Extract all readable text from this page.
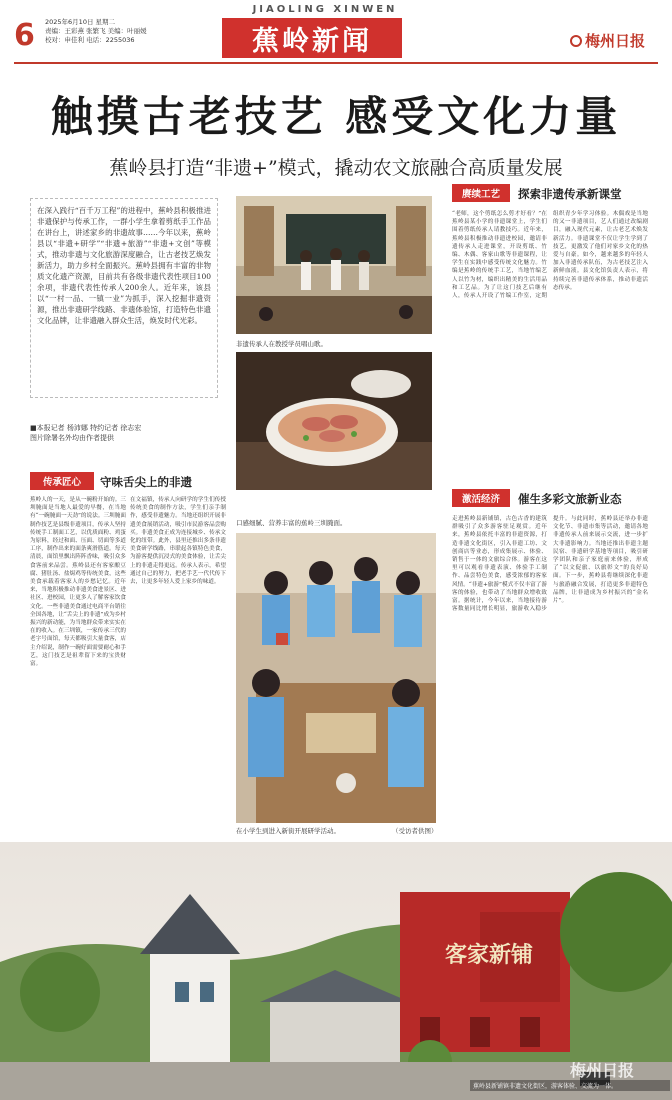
6 2025年6月10日 星期二
责编：王彩燕 张繁飞 美编：叶丽媛
校对：申佳利 电话：2255036
JIAOLING XINWEN
蕉岭新闻	梅州日报
触摸古老技艺 感受文化力量
蕉岭县打造“非遗+”模式，撬动农文旅融合高质量发展
在深入践行“百千万工程”的进程中，蕉岭县积极推进非遗保护与传承工作，一群小学生拿着剪纸手工作品在讲台上，讲述家乡的非遗故事……今年以来，蕉岭县以“非遗+研学”“非遗+旅游”“非遗+文创”等模式，推动非遗与文化旅游深度融合，让古老技艺焕发新活力，助力乡村全面振兴。蕉岭县拥有丰富的非物质文化遗产资源，目前共有各级非遗代表性项目100余项，非遗代表性传承人200余人。近年来，该县以“一村一品、一镇一业”为抓手，深入挖掘非遗资源，推出非遗研学线路、非遗体验馆，打造特色非遗文化品牌，让非遗融入群众生活，焕发时代光彩。
■本报记者 杨沛娜 特约记者 徐志宏
图片除署名外均由作者提供
非遗传承人在教授学员唱山歌。
口感细腻、营养丰富的蕉岭三圳腌面。
传承匠心	守味舌尖上的非遗
蕉岭人的一天，是从一碗粉开始的。三圳腌面是当地人最爱的早餐，在当地有“一碗腌面一天劲”的说法。三圳腌面制作技艺是县级非遗项目，传承人坚持传统手工制面工艺，以优质面粉、鸡蛋为原料，经过和面、压面、切面等多道工序，制作出来的面条爽滑筋道。每天清晨，面馆里飘出阵阵香味，吸引众多食客前来品尝。蕉岭县还有客家酿豆腐、猪肚汤、盐焗鸡等传统美食，这些美食承载着客家人的乡愁记忆。近年来，当地积极推动非遗美食进景区、进社区、进校园，让更多人了解客家饮食文化。一些非遗美食通过电商平台销往全国各地，让“舌尖上的非遗”成为乡村振兴的新动能，为当地群众带来实实在在的收入。在三圳镇，一家传承三代的老字号面馆，每天都吸引大量食客，店主介绍说，制作一碗好面需要耐心和手艺，这门技艺是祖辈留下来的宝贵财富。
在文福镇，传承人向研学的学生们传授传统美食的制作方法，学生们亲手制作，感受非遗魅力。当地还组织开展非遗美食展销活动，吸引市民游客品尝购买。非遗美食正成为连接城乡、传承文化的纽带。此外，县里还推出多条非遗美食研学线路，串联起各镇特色美食，为游客提供沉浸式的美食体验，让舌尖上的非遗走得更远。传承人表示，希望通过自己的努力，把老手艺一代代传下去，让更多年轻人爱上家乡的味道。
在小学生到进入新街开展研学活动。	（受访者供图）
赓续工艺	探索非遗传承新课堂
“老师，这个剪纸怎么剪才好看？”在蕉岭县某小学的非遗课堂上，学生们围着剪纸传承人请教技巧。近年来，蕉岭县积极推动非遗进校园，邀请非遗传承人走进课堂，开设剪纸、竹编、木偶、客家山歌等非遗课程，让学生在实践中感受传统文化魅力。竹编是蕉岭的传统手工艺，当地竹编艺人以竹为材，编织出精美的生活用品和工艺品。为了让这门技艺后继有人，传承人开设了竹编工作室，定期组织青少年学习体验。木偶戏是当地的又一非遗项目，艺人们通过改编剧目，融入现代元素，让古老艺术焕发新活力。非遗课堂不仅让学生学到了技艺，更激发了他们对家乡文化的热爱与自豪。如今，越来越多的年轻人加入非遗传承队伍，为古老技艺注入新鲜血液。县文化馆负责人表示，将持续完善非遗传承体系，推动非遗活态传承。
激活经济	催生多彩文旅新业态
走进蕉岭县新铺镇，古色古香的建筑群吸引了众多游客驻足观赏。近年来，蕉岭县依托丰富的非遗资源，打造非遗文化街区，引入非遗工坊、文创商店等业态，形成集展示、体验、销售于一体的文旅综合体。游客在这里可以观看非遗表演、体验手工制作、品尝特色美食，感受浓郁的客家风情。“非遗+旅游”模式不仅丰富了游客的体验，也带动了当地群众增收致富。据统计，今年以来，当地接待游客数量同比增长明显，旅游收入稳步提升。与此同时，蕉岭县还举办非遗文化节、非遗市集等活动，邀请各地非遗传承人前来展示交流，进一步扩大非遗影响力。当地还推出非遗主题民宿、非遗研学基地等项目，吸引研学团队和亲子家庭前来体验，形成了“以文促旅、以旅彰文”的良好局面。下一步，蕉岭县将继续深化非遗与旅游融合发展，打造更多非遗特色品牌，让非遗成为乡村振兴的“金名片”。
客家新铺
梅州日报
蕉岭县新铺镇非遗文化街区，游客体验、交流为一体。
